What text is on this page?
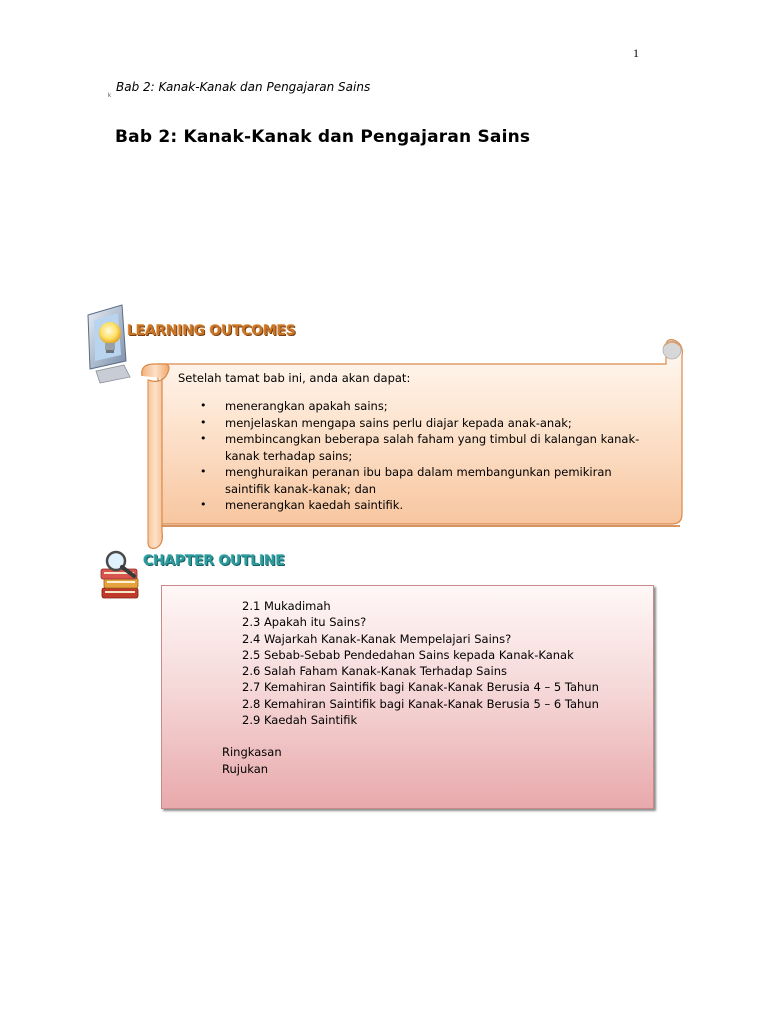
1
Bab 2: Kanak-Kanak dan Pengajaran Sains
k
Bab 2: Kanak-Kanak dan Pengajaran Sains
LEARNING OUTCOMES
Setelah tamat bab ini, anda akan dapat:
• menerangkan apakah sains;
• menjelaskan mengapa sains perlu diajar kepada anak-anak;
• membincangkan beberapa salah faham yang timbul di kalangan kanak-
kanak terhadap sains;
• menghuraikan peranan ibu bapa dalam membangunkan pemikiran
saintifik kanak-kanak; dan
• menerangkan kaedah saintifik.
CHAPTER OUTLINE
2.1 Mukadimah
2.3 Apakah itu Sains?
2.4 Wajarkah Kanak-Kanak Mempelajari Sains?
2.5 Sebab-Sebab Pendedahan Sains kepada Kanak-Kanak
2.6 Salah Faham Kanak-Kanak Terhadap Sains
2.7 Kemahiran Saintifik bagi Kanak-Kanak Berusia 4 – 5 Tahun
2.8 Kemahiran Saintifik bagi Kanak-Kanak Berusia 5 – 6 Tahun
2.9 Kaedah Saintifik
Ringkasan
Rujukan
